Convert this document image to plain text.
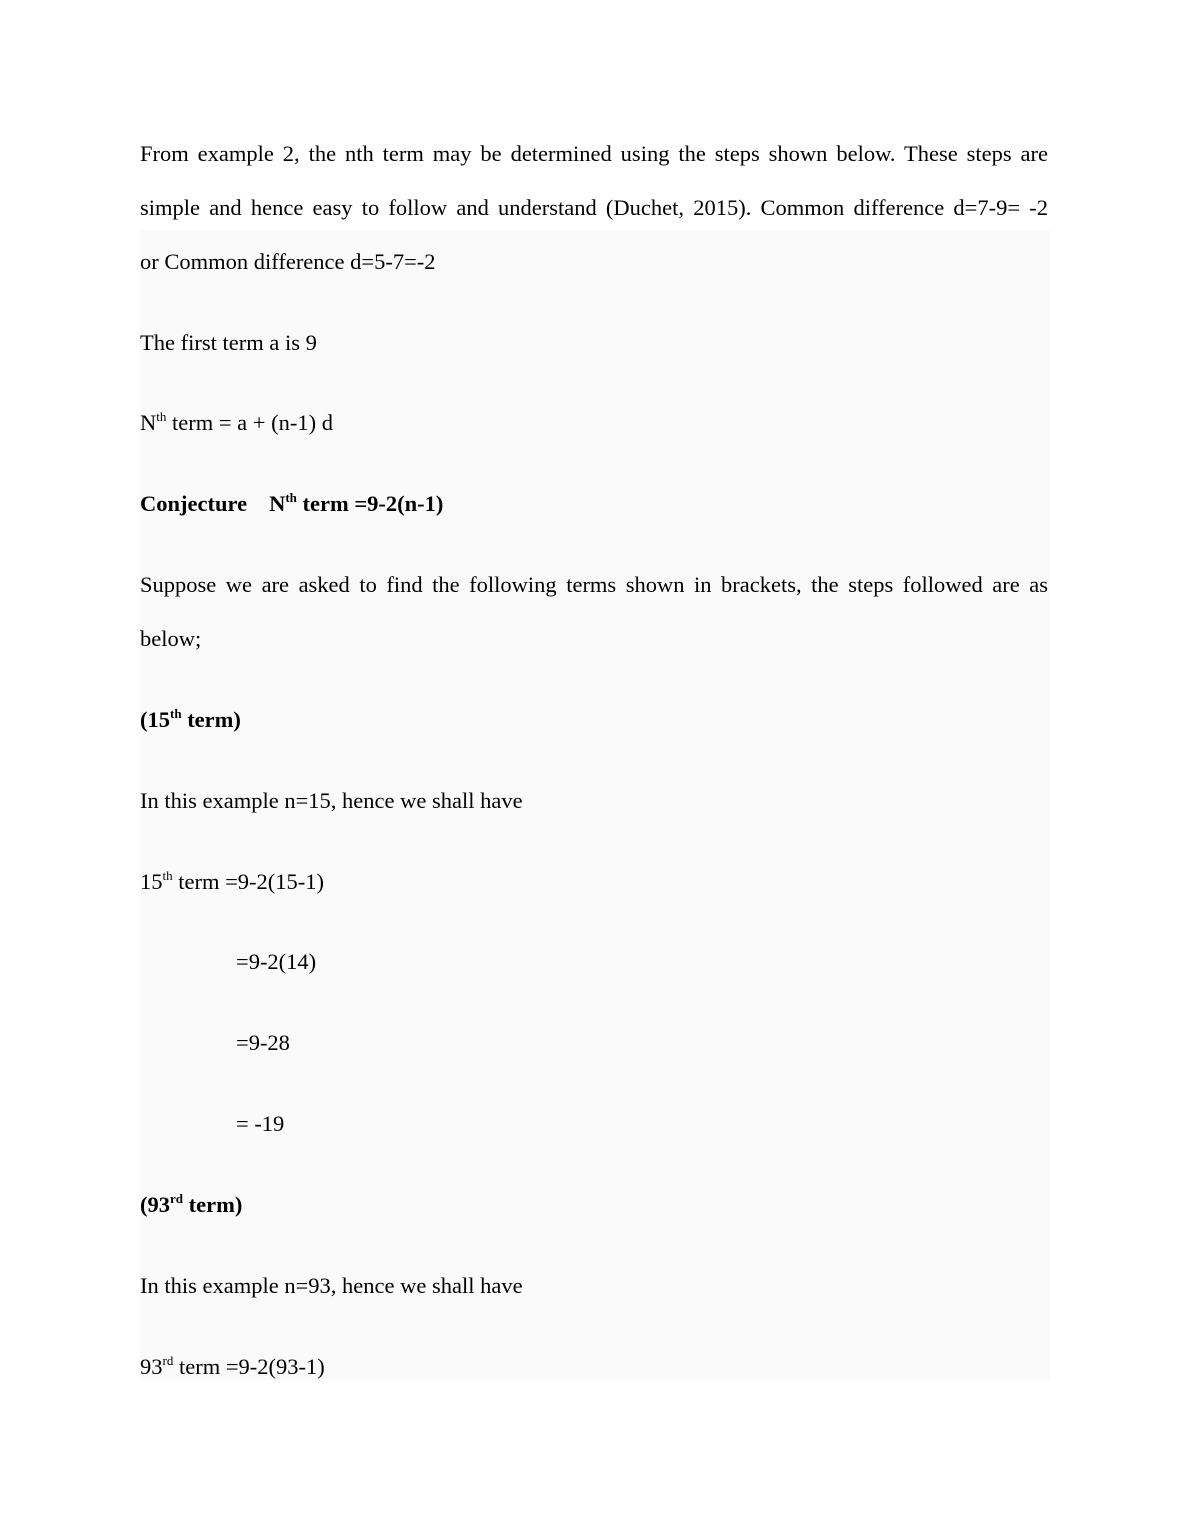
From example 2, the nth term may be determined using the steps shown below. These steps are
simple and hence easy to follow and understand (Duchet, 2015). Common difference d=7-9= -2
or Common difference d=5-7=-2
The first term a is 9
$N^{th}$ term = a + (n-1) d
Conjecture $N^{th}$ term =9-2(n-1)
Suppose we are asked to find the following terms shown in brackets, the steps followed are as
below;
(15th term)
In this example n=15, hence we shall have
15th term =9-2(15-1)
=9-2(14)
=9-28
= -19
(93rd term)
In this example n=93, hence we shall have
93rd term =9-2(93-1)
